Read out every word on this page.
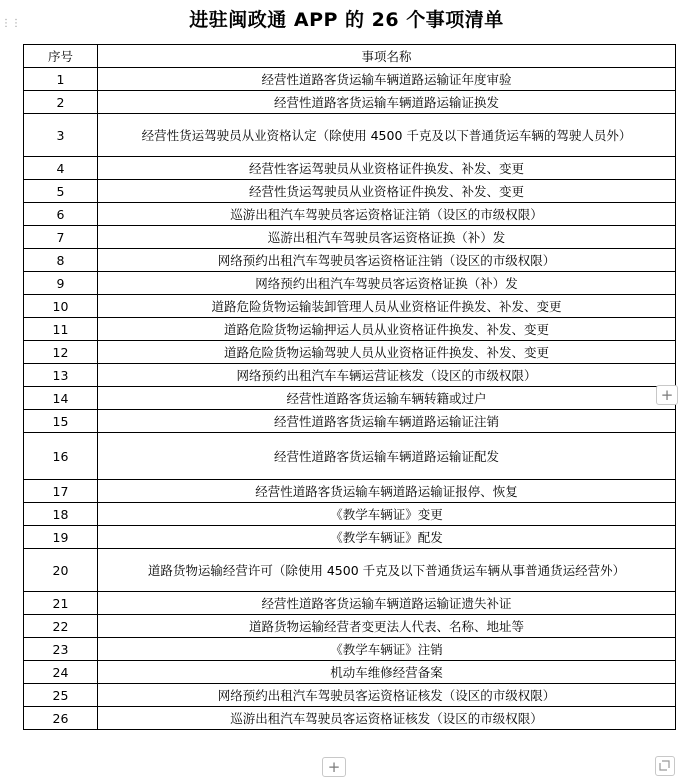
⋮⋮	进驻闽政通 APP 的 26 个事项清单
序号	事项名称
1	经营性道路客货运输车辆道路运输证年度审验
2	经营性道路客货运输车辆道路运输证换发
3	经营性货运驾驶员从业资格认定（除使用 4500 千克及以下普通货运车辆的驾驶人员外）
4	经营性客运驾驶员从业资格证件换发、补发、变更
5	经营性货运驾驶员从业资格证件换发、补发、变更
6	巡游出租汽车驾驶员客运资格证注销（设区的市级权限）
7	巡游出租汽车驾驶员客运资格证换（补）发
8	网络预约出租汽车驾驶员客运资格证注销（设区的市级权限）
9	网络预约出租汽车驾驶员客运资格证换（补）发
10	道路危险货物运输装卸管理人员从业资格证件换发、补发、变更
11	道路危险货物运输押运人员从业资格证件换发、补发、变更
12	道路危险货物运输驾驶人员从业资格证件换发、补发、变更
13	网络预约出租汽车车辆运营证核发（设区的市级权限）
14	经营性道路客货运输车辆转籍或过户
15	经营性道路客货运输车辆道路运输证注销
16	经营性道路客货运输车辆道路运输证配发
17	经营性道路客货运输车辆道路运输证报停、恢复
18	《教学车辆证》变更
19	《教学车辆证》配发
20	道路货物运输经营许可（除使用 4500 千克及以下普通货运车辆从事普通货运经营外）
21	经营性道路客货运输车辆道路运输证遗失补证
22	道路货物运输经营者变更法人代表、名称、地址等
23	《教学车辆证》注销
24	机动车维修经营备案
25	网络预约出租汽车驾驶员客运资格证核发（设区的市级权限）
26	巡游出租汽车驾驶员客运资格证核发（设区的市级权限）
+
+
